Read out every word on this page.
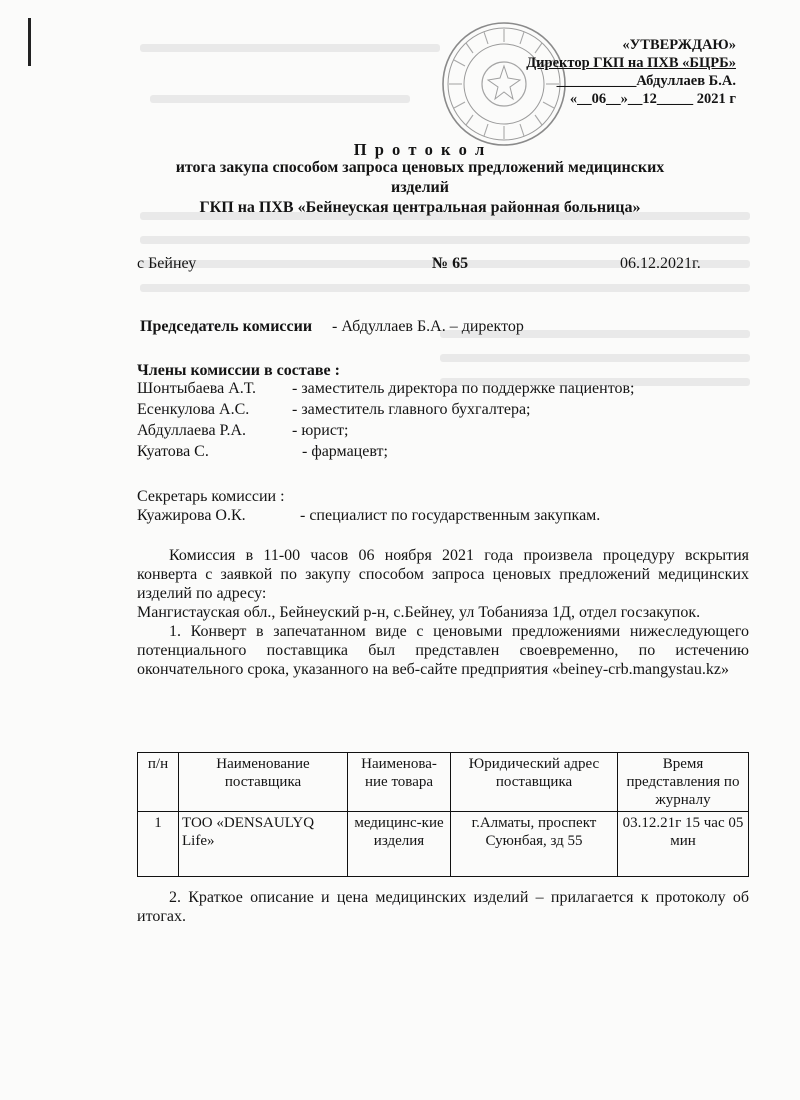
«УТВЕРЖДАЮ»
Директор ГКП на ПХВ «БЦРБ»
___________Абдуллаев Б.А.
«__06__»__12_____ 2021 г
П р о т о к о л
итога закупа способом запроса ценовых предложений медицинских
изделий
ГКП на ПХВ «Бейнеуская центральная районная больница»
с Бейнеу	№ 65	06.12.2021г.
Председатель комиссии - Абдуллаев Б.А. – директор
Члены комиссии в составе :
Шонтыбаева А.Т. - заместитель директора по поддержке пациентов;
Есенкулова А.С.	- заместитель главного бухгалтера;
Абдуллаева Р.А.	- юрист;
Куатова С.	- фармацевт;
Секретарь комиссии :
Куажирова О.К.	- специалист по государственным закупкам.

Комиссия в 11-00 часов 06 ноября 2021 года произвела процедуру вскрытия конверта с заявкой по закупу способом запроса ценовых предложений медицинских изделий по адресу:

Мангистауская обл., Бейнеуский р-н, с.Бейнеу, ул Тобанияза 1Д, отдел госзакупок.

1. Конверт в запечатанном виде с ценовыми предложениями нижеследующего потенциального поставщика был представлен своевременно, по истечению окончательного срока, указанного на веб-сайте предприятия «beiney-crb.mangystau.kz»

п/н	Наименование поставщика	Наименова-ние товара	Юридический адрес поставщика	Время представления по журналу
1	ТОО «DENSAULYQ Life»	медицинс-кие изделия	г.Алматы, проспект Суюнбая, зд 55	03.12.21г 15 час 05 мин

2. Краткое описание и цена медицинских изделий – прилагается к протоколу об итогах.
